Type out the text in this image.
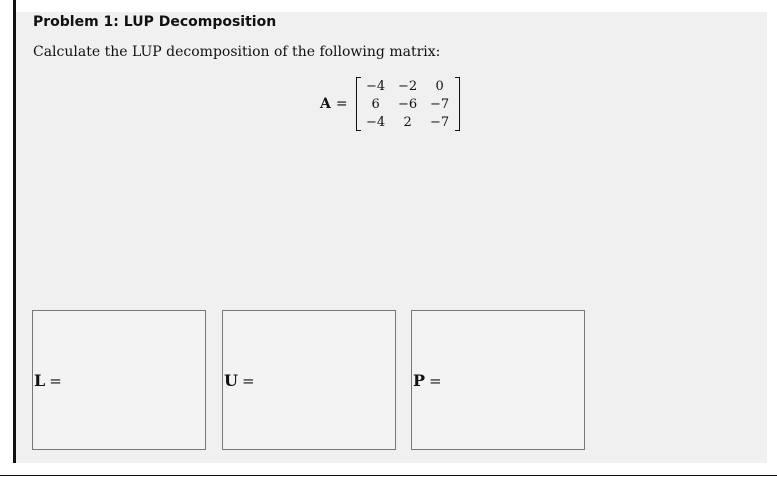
Problem 1: LUP Decomposition
Calculate the LUP decomposition of the following matrix:
A =
−4	−2	0
6	−6	−7
−4	2	−7
L =	U =	P =
